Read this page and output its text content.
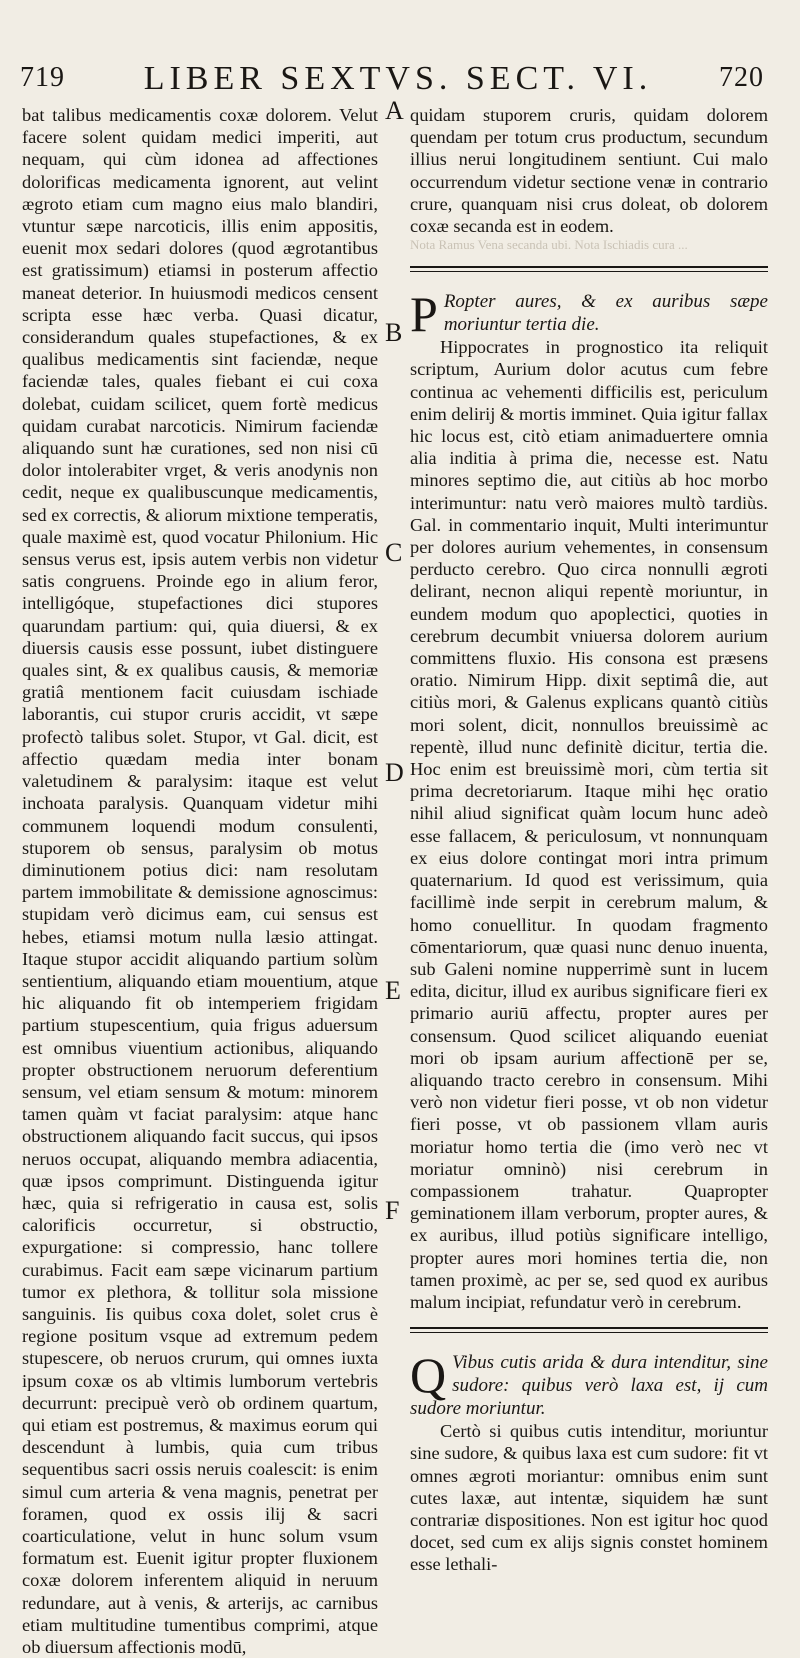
719	LIBER SEXTVS. SECT. VI.	720
A
B
C
D
E
F

bat talibus medicamentis coxæ dolorem. Velut facere solent quidam medici imperiti, aut nequam, qui cùm idonea ad affectiones dolorificas medicamenta ignorent, aut velint ægroto etiam cum magno eius malo blandiri, vtuntur sæpe narcoticis, illis enim appositis, euenit mox sedari dolores (quod ægrotantibus est gratissimum) etiamsi in posterum affectio maneat deterior. In huiusmodi medicos censent scripta esse hæc verba. Quasi dicatur, considerandum quales stupefactiones, & ex qualibus medicamentis sint faciendæ, neque faciendæ tales, quales fiebant ei cui coxa dolebat, cuidam scilicet, quem fortè medicus quidam curabat narcoticis. Nimirum faciendæ aliquando sunt hæ curationes, sed non nisi cū dolor intolerabiter vrget, & veris anodynis non cedit, neque ex qualibuscunque medicamentis, sed ex correctis, & aliorum mixtione temperatis, quale maximè est, quod vocatur Philonium. Hic sensus verus est, ipsis autem verbis non videtur satis congruens. Proinde ego in alium feror, intelligóque, stupefactiones dici stupores quarundam partium: qui, quia diuersi, & ex diuersis causis esse possunt, iubet distinguere quales sint, & ex qualibus causis, & memoriæ gratiâ mentionem facit cuiusdam ischiade laborantis, cui stupor cruris accidit, vt sæpe profectò talibus solet. Stupor, vt Gal. dicit, est affectio quædam media inter bonam valetudinem & paralysim: itaque est velut inchoata paralysis. Quanquam videtur mihi communem loquendi modum consulenti, stuporem ob sensus, paralysim ob motus diminutionem potius dici: nam resolutam partem immobilitate & demissione agnoscimus: stupidam verò dicimus eam, cui sensus est hebes, etiamsi motum nulla læsio attingat. Itaque stupor accidit aliquando partium solùm sentientium, aliquando etiam mouentium, atque hic aliquando fit ob intemperiem frigidam partium stupescentium, quia frigus aduersum est omnibus viuentium actionibus, aliquando propter obstructionem neruorum deferentium sensum, vel etiam sensum & motum: minorem tamen quàm vt faciat paralysim: atque hanc obstructionem aliquando facit succus, qui ipsos neruos occupat, aliquando membra adiacentia, quæ ipsos comprimunt. Distinguenda igitur hæc, quia si refrigeratio in causa est, solis calorificis occurretur, si obstructio, expurgatione: si compressio, hanc tollere curabimus. Facit eam sæpe vicinarum partium tumor ex plethora, & tollitur sola missione sanguinis. Iis quibus coxa dolet, solet crus è regione positum vsque ad extremum pedem stupescere, ob neruos crurum, qui omnes iuxta ipsum coxæ os ab vltimis lumborum vertebris decurrunt: precipuè verò ob ordinem quartum, qui etiam est postremus, & maximus eorum qui descendunt à lumbis, quia cum tribus sequentibus sacri ossis neruis coalescit: is enim simul cum arteria & vena magnis, penetrat per foramen, quod ex ossis ilij & sacri coarticulatione, velut in hunc solum vsum formatum est. Euenit igitur propter fluxionem coxæ dolorem inferentem aliquid in neruum redundare, aut à venis, & arterijs, ac carnibus etiam multitudine tumentibus comprimi, atque ob diuersum affectionis modū,

quidam stuporem cruris, quidam dolorem quendam per totum crus productum, secundum illius nerui longitudinem sentiunt. Cui malo occurrendum videtur sectione venæ in contrario crure, quanquam nisi crus doleat, ob dolorem coxæ secanda est in eodem.

Nota Ramus Vena secanda ubi. Nota Ischiadis cura ...

P Ropter aures, & ex auribus sæpe moriuntur tertia die.

Hippocrates in prognostico ita reliquit scriptum, Aurium dolor acutus cum febre continua ac vehementi difficilis est, periculum enim delirij & mortis imminet. Quia igitur fallax hic locus est, citò etiam animaduertere omnia alia inditia à prima die, necesse est. Natu minores septimo die, aut citiùs ab hoc morbo interimuntur: natu verò maiores multò tardiùs. Gal. in commentario inquit, Multi interimuntur per dolores aurium vehementes, in consensum perducto cerebro. Quo circa nonnulli ægroti delirant, necnon aliqui repentè moriuntur, in eundem modum quo apoplectici, quoties in cerebrum decumbit vniuersa dolorem aurium committens fluxio. His consona est præsens oratio. Nimirum Hipp. dixit septimâ die, aut citiùs mori, & Galenus explicans quantò citiùs mori solent, dicit, nonnullos breuissimè ac repentè, illud nunc definitè dicitur, tertia die. Hoc enim est breuissimè mori, cùm tertia sit prima decretoriarum. Itaque mihi hęc oratio nihil aliud significat quàm locum hunc adeò esse fallacem, & periculosum, vt nonnunquam ex eius dolore contingat mori intra primum quaternarium. Id quod est verissimum, quia facillimè inde serpit in cerebrum malum, & homo conuellitur. In quodam fragmento cōmentariorum, quæ quasi nunc denuo inuenta, sub Galeni nomine nupperrimè sunt in lucem edita, dicitur, illud ex auribus significare fieri ex primario auriū affectu, propter aures per consensum. Quod scilicet aliquando eueniat mori ob ipsam aurium affectionē per se, aliquando tracto cerebro in consensum. Mihi verò non videtur fieri posse, vt ob non videtur fieri posse, vt ob passionem vllam auris moriatur homo tertia die (imo verò nec vt moriatur omninò) nisi cerebrum in compassionem trahatur. Quapropter geminationem illam verborum, propter aures, & ex auribus, illud potiùs significare intelligo, propter aures mori homines tertia die, non tamen proximè, ac per se, sed quod ex auribus malum incipiat, refundatur verò in cerebrum.

Q Vibus cutis arida & dura intenditur, sine sudore: quibus verò laxa est, ij cum sudore moriuntur.

Certò si quibus cutis intenditur, moriuntur sine sudore, & quibus laxa est cum sudore: fit vt omnes ægroti moriantur: omnibus enim sunt cutes laxæ, aut intentæ, siquidem hæ sunt contrariæ dispositiones. Non est igitur hoc quod docet, sed cum ex alijs signis constet hominem esse lethali-
